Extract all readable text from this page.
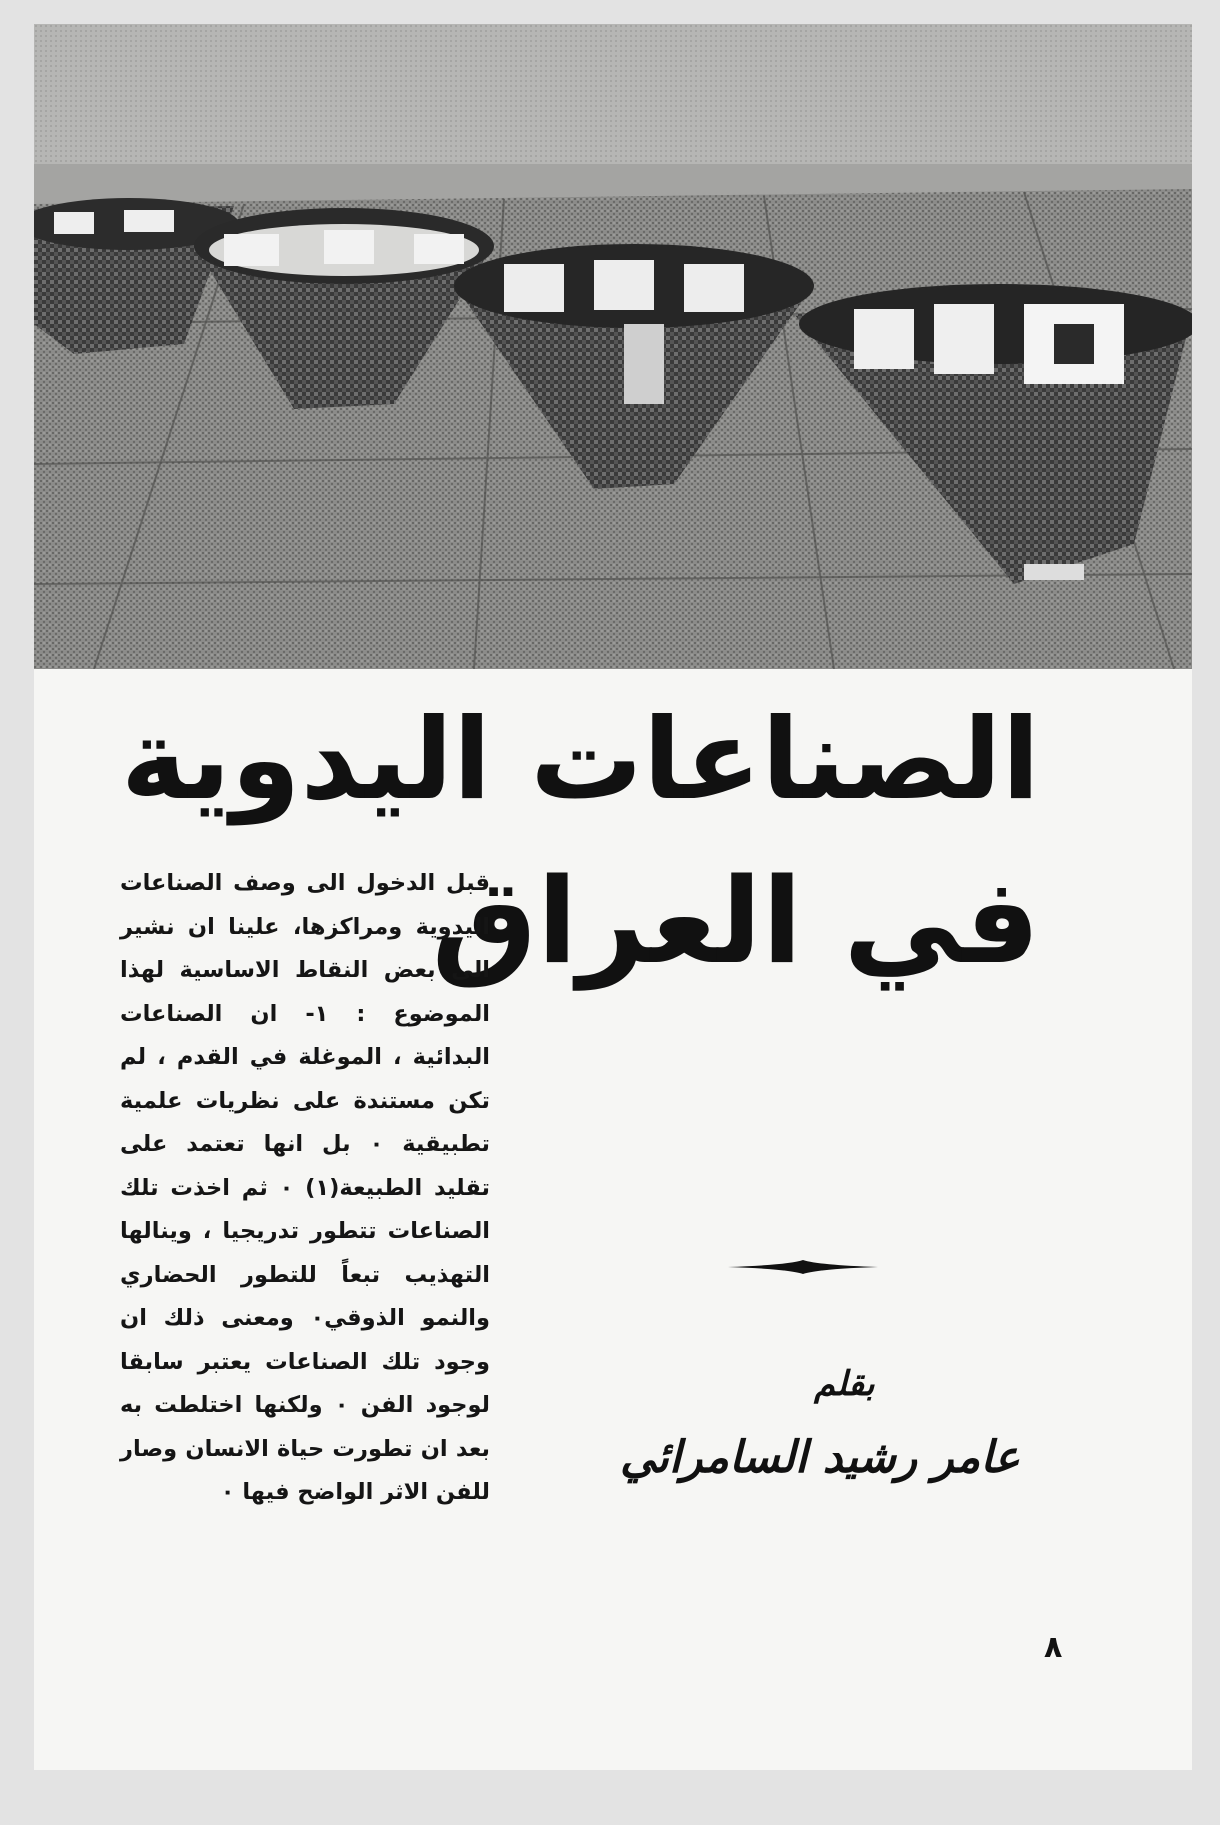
الصناعات اليدوية
في العراق

قبل الدخول الى وصف الصناعات اليدوية ومراكزها، علينا ان نشير الى بعض النقاط الاساسية لهذا الموضوع : ١- ان الصناعات البدائية ، الموغلة في القدم ، لم تكن مستندة على نظريات علمية تطبيقية ٠ بل انها تعتمد على تقليد الطبيعة(١) ٠ ثم اخذت تلك الصناعات تتطور تدريجيا ، وينالها التهذيب تبعاً للتطور الحضاري والنمو الذوقي٠ ومعنى ذلك ان وجود تلك الصناعات يعتبر سابقا لوجود الفن ٠ ولكنها اختلطت به بعد ان تطورت حياة الانسان وصار للفن الاثر الواضح فيها ٠

بقلم
عامر رشيد السامرائي
٨
